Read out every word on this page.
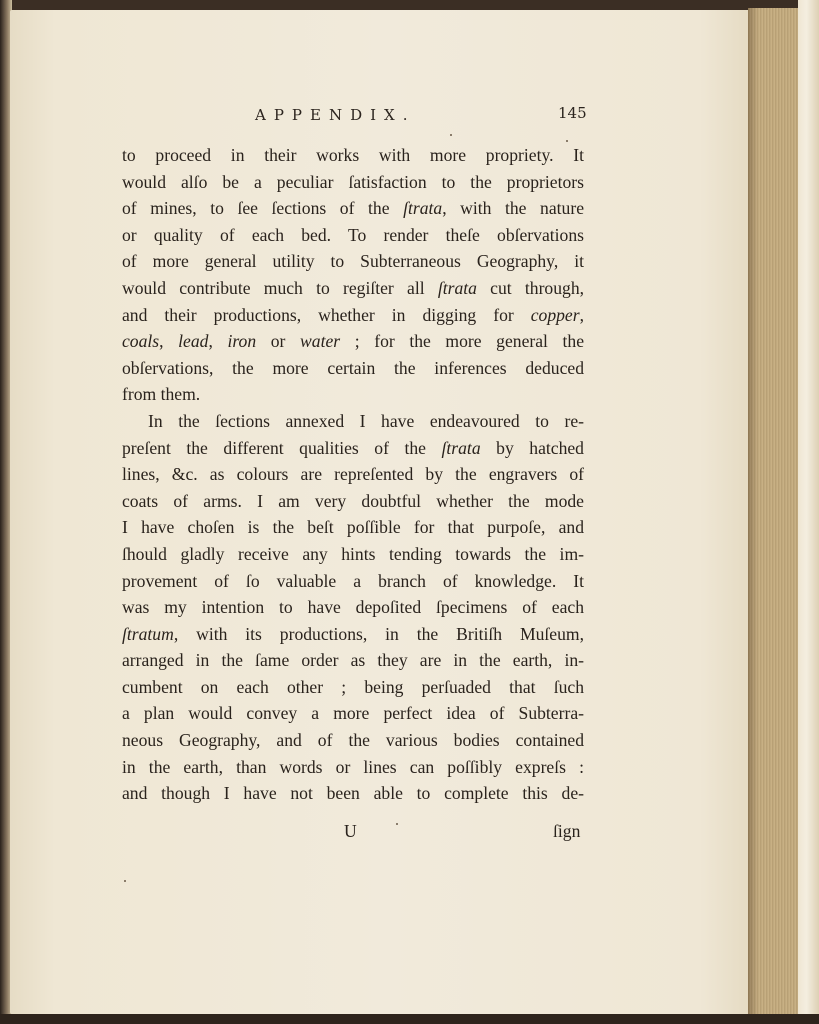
APPENDIX.	145
to proceed in their works with more propriety. It
would alſo be a peculiar ſatisfaction to the proprietors
of mines, to ſee ſections of the ſtrata, with the nature
or quality of each bed. To render theſe obſervations
of more general utility to Subterraneous Geography, it
would contribute much to regiſter all ſtrata cut through,
and their productions, whether in digging for copper,
coals, lead, iron or water ; for the more general the
obſervations, the more certain the inferences deduced
from them.
In the ſections annexed I have endeavoured to re-
preſent the different qualities of the ſtrata by hatched
lines, &c. as colours are repreſented by the engravers of
coats of arms. I am very doubtful whether the mode
I have choſen is the beſt poſſible for that purpoſe, and
ſhould gladly receive any hints tending towards the im-
provement of ſo valuable a branch of knowledge. It
was my intention to have depoſited ſpecimens of each
ſtratum, with its productions, in the Britiſh Muſeum,
arranged in the ſame order as they are in the earth, in-
cumbent on each other ; being perſuaded that ſuch
a plan would convey a more perfect idea of Subterra-
neous Geography, and of the various bodies contained
in the earth, than words or lines can poſſibly expreſs :
and though I have not been able to complete this de-
U	ſign
